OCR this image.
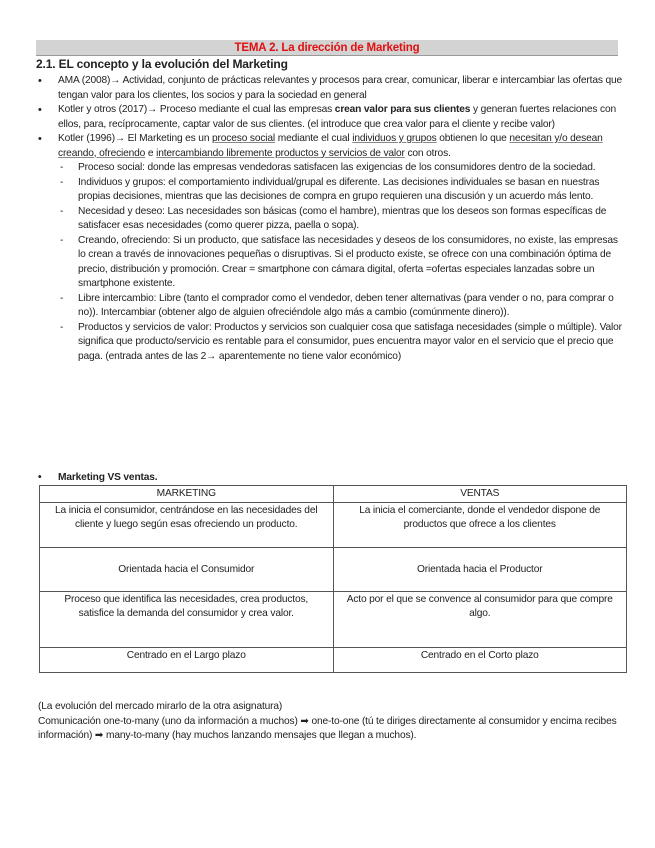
TEMA 2. La dirección de Marketing
2.1. EL concepto y la evolución del Marketing
• AMA (2008)→ Actividad, conjunto de prácticas relevantes y procesos para crear, comunicar, liberar e intercambiar las ofertas que tengan valor para los clientes, los socios y para la sociedad en general
• Kotler y otros (2017)→ Proceso mediante el cual las empresas crean valor para sus clientes y generan fuertes relaciones con ellos, para, recíprocamente, captar valor de sus clientes. (el introduce que crea valor para el cliente y recibe valor)
• Kotler (1996)→ El Marketing es un proceso social mediante el cual individuos y grupos obtienen lo que necesitan y/o desean creando, ofreciendo e intercambiando libremente productos y servicios de valor con otros.
- Proceso social: donde las empresas vendedoras satisfacen las exigencias de los consumidores dentro de la sociedad.
- Individuos y grupos: el comportamiento individual/grupal es diferente. Las decisiones individuales se basan en nuestras propias decisiones, mientras que las decisiones de compra en grupo requieren una discusión y un acuerdo más lento.
- Necesidad y deseo: Las necesidades son básicas (como el hambre), mientras que los deseos son formas específicas de satisfacer esas necesidades (como querer pizza, paella o sopa).
- Creando, ofreciendo: Si un producto, que satisface las necesidades y deseos de los consumidores, no existe, las empresas lo crean a través de innovaciones pequeñas o disruptivas. Si el producto existe, se ofrece con una combinación óptima de precio, distribución y promoción. Crear = smartphone con cámara digital, oferta =ofertas especiales lanzadas sobre un smartphone existente.
- Libre intercambio: Libre (tanto el comprador como el vendedor, deben tener alternativas (para vender o no, para comprar o no)). Intercambiar (obtener algo de alguien ofreciéndole algo más a cambio (comúnmente dinero)).
- Productos y servicios de valor: Productos y servicios son cualquier cosa que satisfaga necesidades (simple o múltiple). Valor significa que producto/servicio es rentable para el consumidor, pues encuentra mayor valor en el servicio que el precio que paga. (entrada antes de las 2→ aparentemente no tiene valor económico)
• Marketing VS ventas.
MARKETING	VENTAS
La inicia el consumidor, centrándose en las necesidades del cliente y luego según esas ofreciendo un producto.	La inicia el comerciante, donde el vendedor dispone de productos que ofrece a los clientes
Orientada hacia el Consumidor	Orientada hacia el Productor
Proceso que identifica las necesidades, crea productos, satisfice la demanda del consumidor y crea valor.	Acto por el que se convence al consumidor para que compre algo.
Centrado en el Largo plazo	Centrado en el Corto plazo
(La evolución del mercado mirarlo de la otra asignatura)
Comunicación one-to-many (uno da información a muchos) ➡ one-to-one (tú te diriges directamente al consumidor y encima recibes información) ➡ many-to-many (hay muchos lanzando mensajes que llegan a muchos).
